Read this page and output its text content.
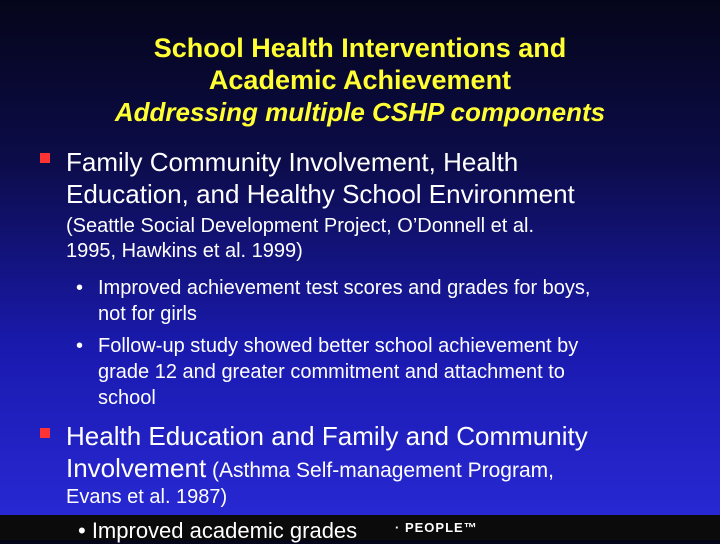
School Health Interventions and
Academic Achievement
Addressing multiple CSHP components
Family Community Involvement, Health
Education, and Healthy School Environment
(Seattle Social Development Project, O’Donnell et al.
1995, Hawkins et al. 1999)
• Improved achievement test scores and grades for boys,
not for girls
• Follow-up study showed better school achievement by
grade 12 and greater commitment and attachment to
school
Health Education and Family and Community
Involvement (Asthma Self-management Program,
Evans et al. 1987)
• Improved academic grades	· PEOPLE™
